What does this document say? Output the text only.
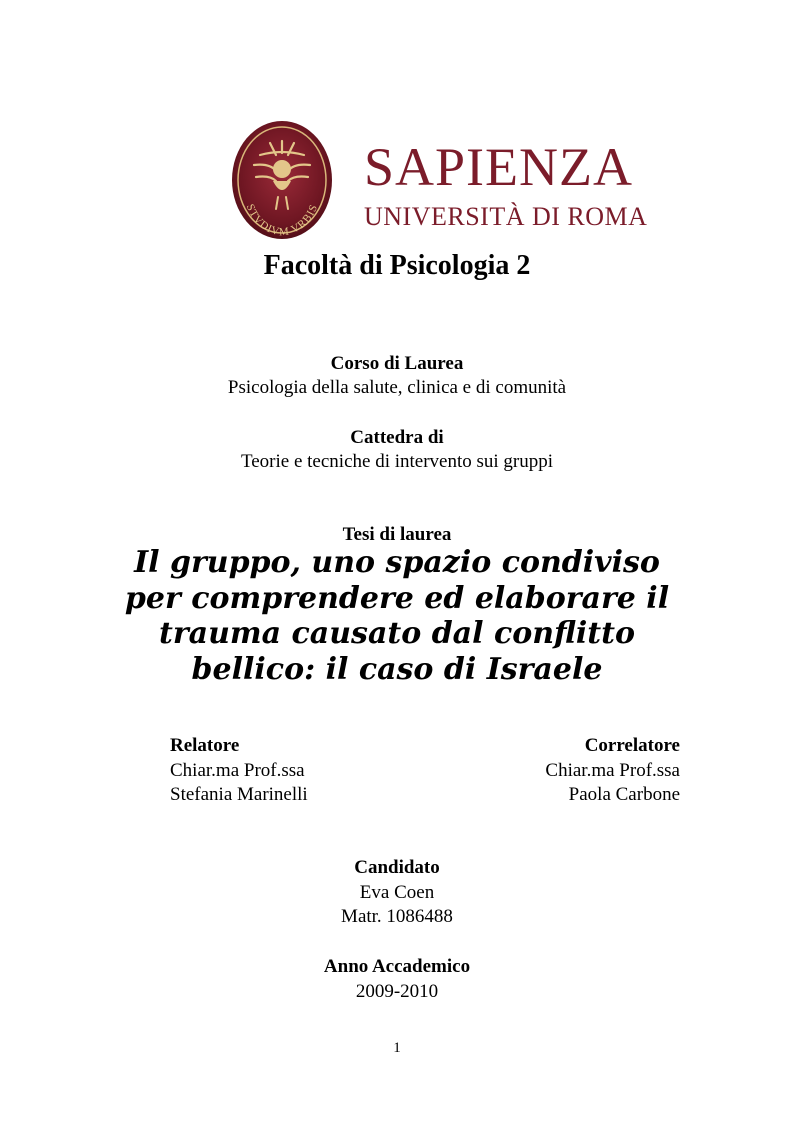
STVDIVM VRBIS
SAPIENZA
UNIVERSITÀ DI ROMA
Facoltà di Psicologia 2
Corso di Laurea
Psicologia della salute, clinica e di comunità
Cattedra di
Teorie e tecniche di intervento sui gruppi
Tesi di laurea
Il gruppo, uno spazio condiviso
per comprendere ed elaborare il
trauma causato dal conflitto
bellico: il caso di Israele
Relatore
Chiar.ma Prof.ssa
Stefania Marinelli
Correlatore
Chiar.ma Prof.ssa
Paola Carbone
Candidato
Eva Coen
Matr. 1086488
Anno Accademico
2009-2010
1
